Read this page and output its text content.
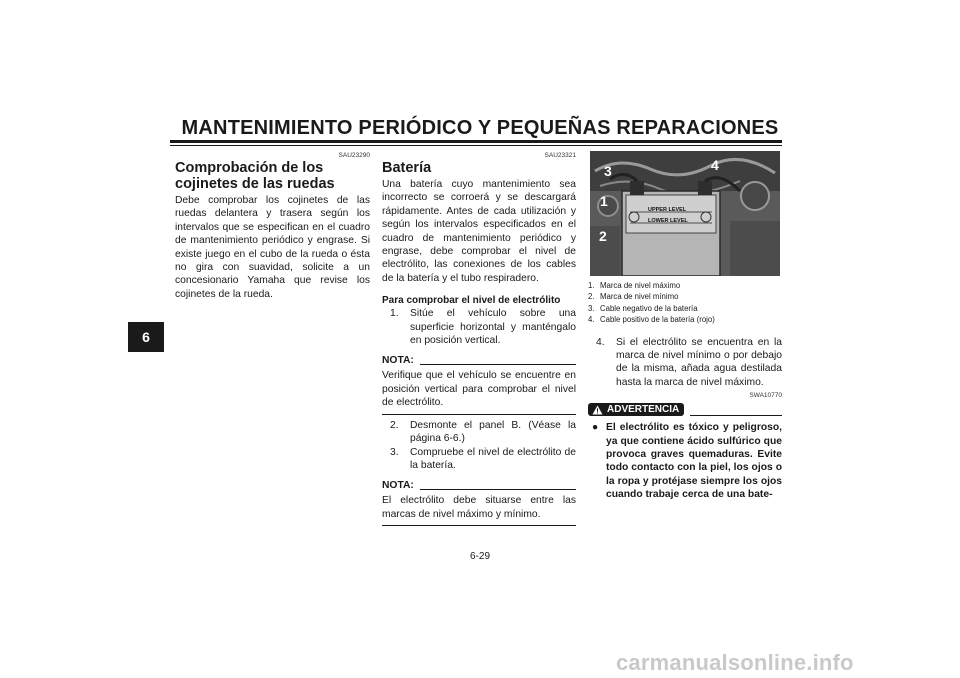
MANTENIMIENTO PERIÓDICO Y PEQUEÑAS REPARACIONES
6
SAU23290
Comprobación de los cojinetes de las ruedas

Debe comprobar los cojinetes de las ruedas delantera y trasera según los intervalos que se especifican en el cuadro de mantenimiento periódico y engrase. Si existe juego en el cubo de la rueda o ésta no gira con suavidad, solicite a un concesionario Yamaha que revise los cojinetes de la rueda.

SAU23321
Batería

Una batería cuyo mantenimiento sea incorrecto se corroerá y se descargará rápidamente. Antes de cada utilización y según los intervalos especificados en el cuadro de mantenimiento periódico y engrase, debe comprobar el nivel de electrólito, las conexiones de los cables de la batería y el tubo respiradero.

Para comprobar el nivel de electrólito
1.	Sitúe el vehículo sobre una superficie horizontal y manténgalo en posición vertical.
NOTA:

Verifique que el vehículo se encuentre en posición vertical para comprobar el nivel de electrólito.

2.	Desmonte el panel B. (Véase la página 6-6.)
3.	Compruebe el nivel de electrólito de la batería.
NOTA:

El electrólito debe situarse entre las marcas de nivel máximo y mínimo.

UPPER LEVEL
LOWER LEVEL
3	4
1
2
1. Marca de nivel máximo
2. Marca de nivel mínimo
3. Cable negativo de la batería
4. Cable positivo de la batería (rojo)
4.	Si el electrólito se encuentra en la marca de nivel mínimo o por debajo de la misma, añada agua destilada hasta la marca de nivel máximo.
SWA10770
ADVERTENCIA
● El electrólito es tóxico y peligroso, ya que contiene ácido sulfúrico que provoca graves quemaduras. Evite todo contacto con la piel, los ojos o la ropa y protéjase siempre los ojos cuando trabaje cerca de una bate-
6-29
carmanualsonline.info
